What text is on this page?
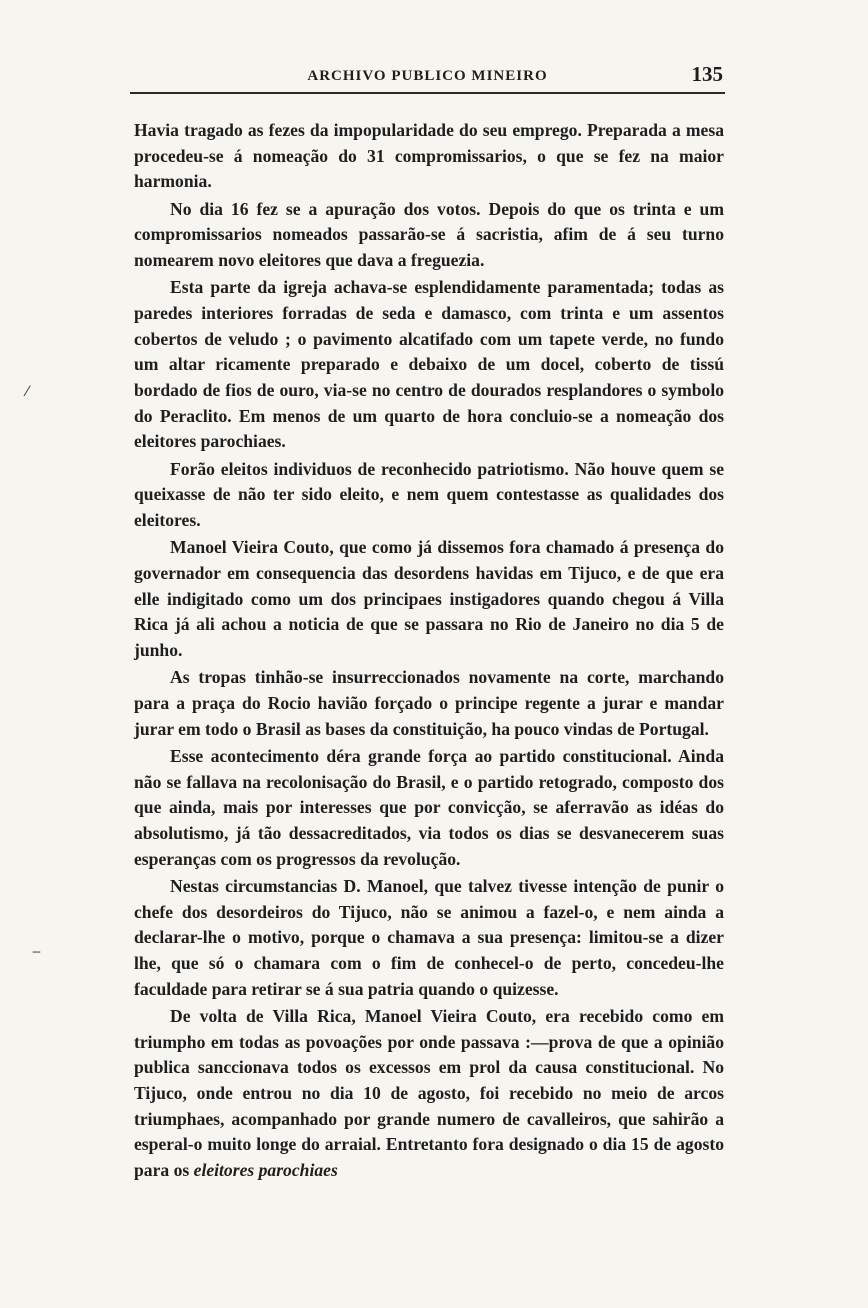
ARCHIVO PUBLICO MINEIRO	135

Havia tragado as fezes da impopularidade do seu emprego. Preparada a mesa procedeu-se á nomeação do 31 compromissarios, o que se fez na maior harmonia.

No dia 16 fez se a apuração dos votos. Depois do que os trinta e um compromissarios nomeados passarão-se á sacristia, afim de á seu turno nomearem novo eleitores que dava a freguezia.

Esta parte da igreja achava-se esplendidamente paramentada; todas as paredes interiores forradas de seda e damasco, com trinta e um assentos cobertos de veludo ; o pavimento alcatifado com um tapete verde, no fundo um altar ricamente preparado e debaixo de um docel, coberto de tissú bordado de fios de ouro, via-se no centro de dourados resplandores o symbolo do Peraclito. Em menos de um quarto de hora concluio-se a nomeação dos eleitores parochiaes.

Forão eleitos individuos de reconhecido patriotismo. Não houve quem se queixasse de não ter sido eleito, e nem quem contestasse as qualidades dos eleitores.

Manoel Vieira Couto, que como já dissemos fora chamado á presença do governador em consequencia das desordens havidas em Tijuco, e de que era elle indigitado como um dos principaes instigadores quando chegou á Villa Rica já ali achou a noticia de que se passara no Rio de Janeiro no dia 5 de junho.

As tropas tinhão-se insurreccionados novamente na corte, marchando para a praça do Rocio havião forçado o principe regente a jurar e mandar jurar em todo o Brasil as bases da constituição, ha pouco vindas de Portugal.

Esse acontecimento déra grande força ao partido constitucional. Ainda não se fallava na recolonisação do Brasil, e o partido retogrado, composto dos que ainda, mais por interesses que por convicção, se aferravão as idéas do absolutismo, já tão dessacreditados, via todos os dias se desvanecerem suas esperanças com os progressos da revolução.

Nestas circumstancias D. Manoel, que talvez tivesse intenção de punir o chefe dos desordeiros do Tijuco, não se animou a fazel-o, e nem ainda a declarar-lhe o motivo, porque o chamava a sua presença: limitou-se a dizer lhe, que só o chamara com o fim de conhecel-o de perto, concedeu-lhe faculdade para retirar se á sua patria quando o quizesse.

De volta de Villa Rica, Manoel Vieira Couto, era recebido como em triumpho em todas as povoações por onde passava :—prova de que a opinião publica sanccionava todos os excessos em prol da causa constitucional. No Tijuco, onde entrou no dia 10 de agosto, foi recebido no meio de arcos triumphaes, acompanhado por grande numero de cavalleiros, que sahirão a esperal-o muito longe do arraial. Entretanto fora designado o dia 15 de agosto para os eleitores parochiaes

⁄
‒
